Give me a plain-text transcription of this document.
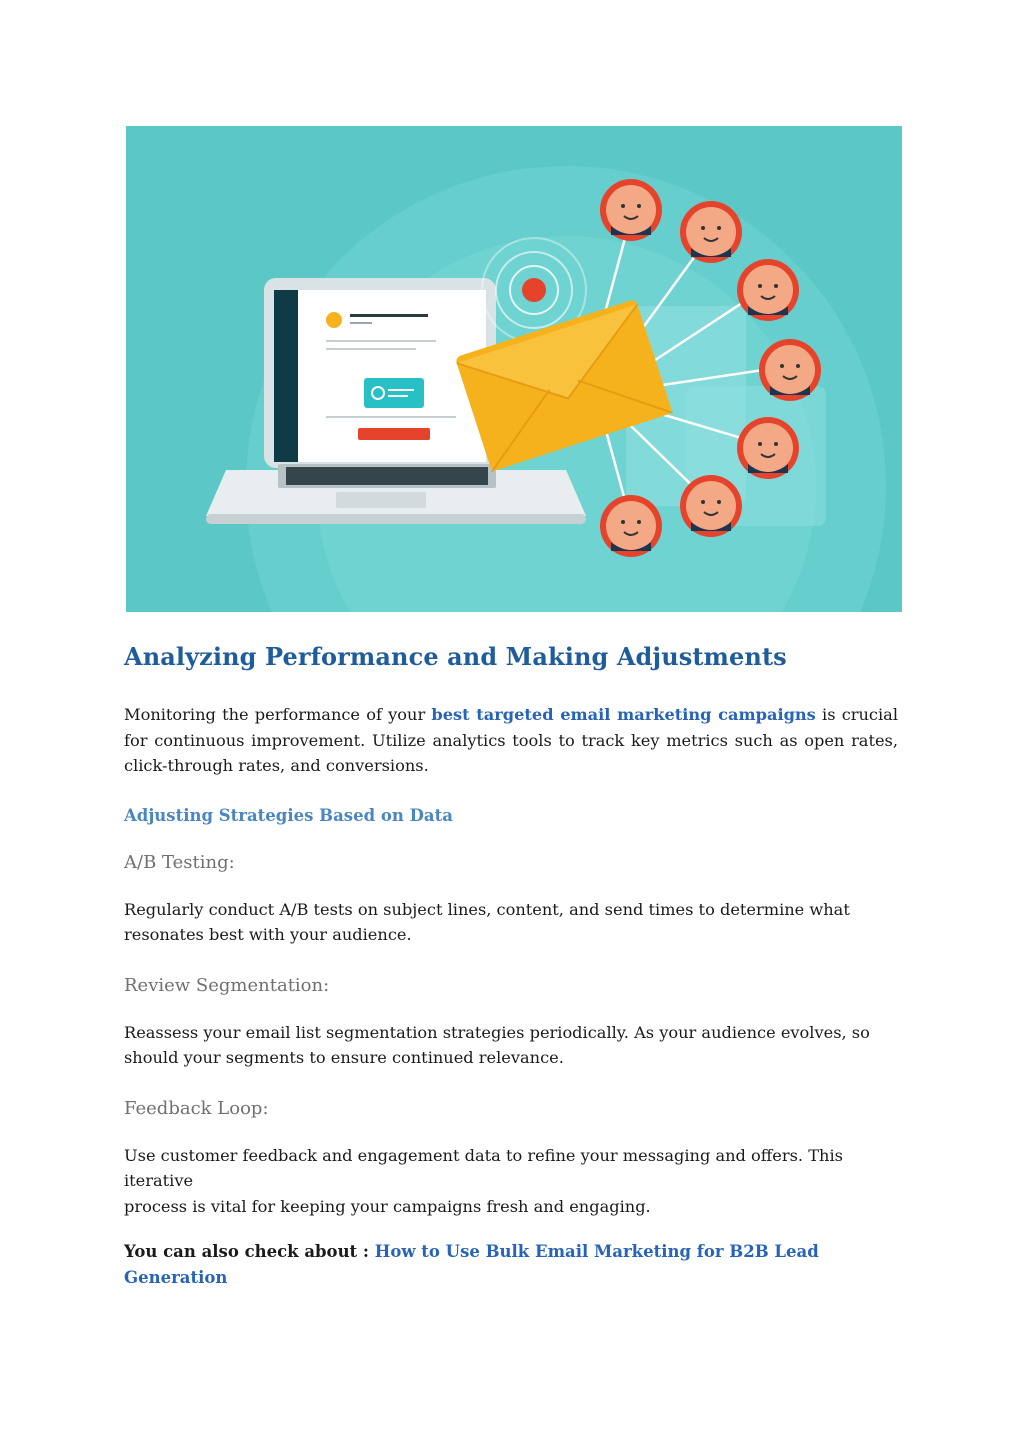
Analyzing Performance and Making Adjustments

Monitoring the performance of your best targeted email marketing campaigns is crucial for continuous improvement. Utilize analytics tools to track key metrics such as open rates, click-through rates, and conversions.

Adjusting Strategies Based on Data
A/B Testing:

Regularly conduct A/B tests on subject lines, content, and send times to determine what
resonates best with your audience.

Review Segmentation:

Reassess your email list segmentation strategies periodically. As your audience evolves, so
should your segments to ensure continued relevance.

Feedback Loop:

Use customer feedback and engagement data to refine your messaging and offers. This iterative
process is vital for keeping your campaigns fresh and engaging.

You can also check about : How to Use Bulk Email Marketing for B2B Lead Generation
